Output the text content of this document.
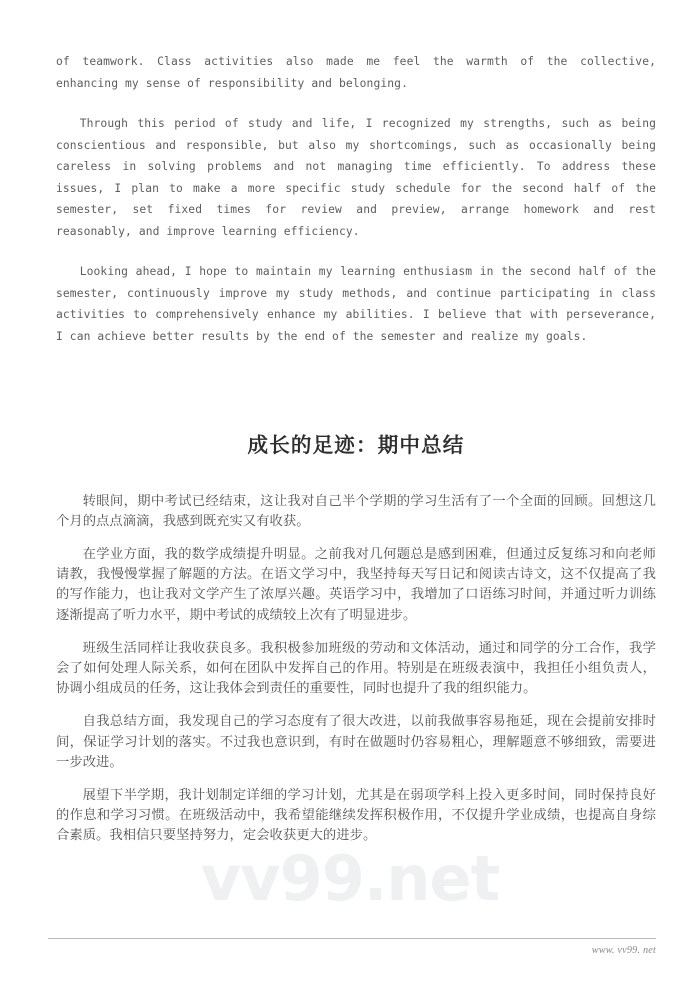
vv99.net

of teamwork. Class activities also made me feel the warmth of the collective, enhancing my sense of responsibility and belonging.

Through this period of study and life, I recognized my strengths, such as being conscientious and responsible, but also my shortcomings, such as occasionally being careless in solving problems and not managing time efficiently. To address these issues, I plan to make a more specific study schedule for the second half of the semester, set fixed times for review and preview, arrange homework and rest reasonably, and improve learning efficiency.

Looking ahead, I hope to maintain my learning enthusiasm in the second half of the semester, continuously improve my study methods, and continue participating in class activities to comprehensively enhance my abilities. I believe that with perseverance, I can achieve better results by the end of the semester and realize my goals.

成长的足迹：期中总结

转眼间，期中考试已经结束，这让我对自己半个学期的学习生活有了一个全面的回顾。回想这几个月的点点滴滴，我感到既充实又有收获。

在学业方面，我的数学成绩提升明显。之前我对几何题总是感到困难，但通过反复练习和向老师请教，我慢慢掌握了解题的方法。在语文学习中，我坚持每天写日记和阅读古诗文，这不仅提高了我的写作能力，也让我对文学产生了浓厚兴趣。英语学习中，我增加了口语练习时间，并通过听力训练逐渐提高了听力水平，期中考试的成绩较上次有了明显进步。

班级生活同样让我收获良多。我积极参加班级的劳动和文体活动，通过和同学的分工合作，我学会了如何处理人际关系，如何在团队中发挥自己的作用。特别是在班级表演中，我担任小组负责人，协调小组成员的任务，这让我体会到责任的重要性，同时也提升了我的组织能力。

自我总结方面，我发现自己的学习态度有了很大改进，以前我做事容易拖延，现在会提前安排时间，保证学习计划的落实。不过我也意识到，有时在做题时仍容易粗心，理解题意不够细致，需要进一步改进。

展望下半学期，我计划制定详细的学习计划，尤其是在弱项学科上投入更多时间，同时保持良好的作息和学习习惯。在班级活动中，我希望能继续发挥积极作用，不仅提升学业成绩，也提高自身综合素质。我相信只要坚持努力，定会收获更大的进步。

www. vv99. net
